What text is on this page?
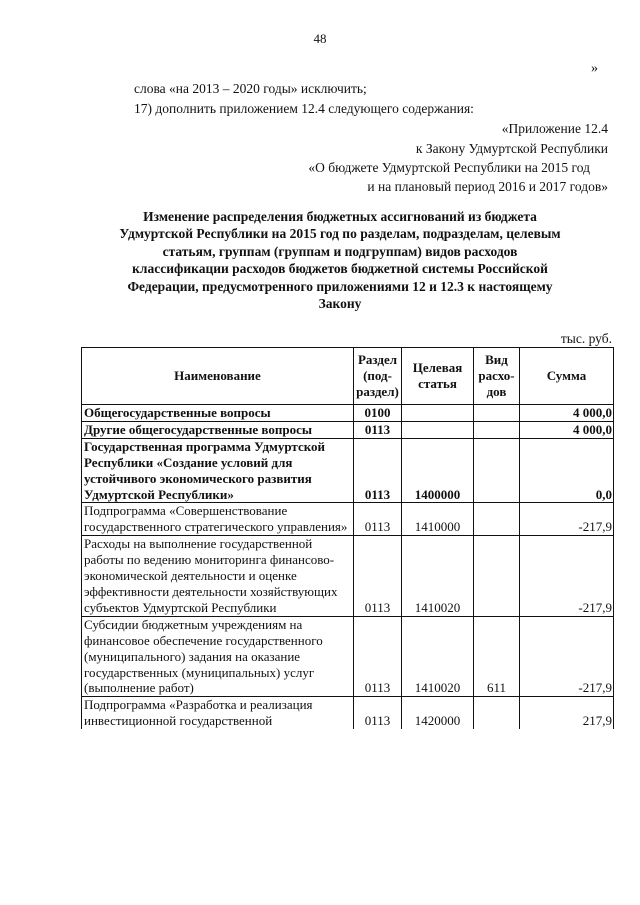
48
»
слова «на 2013 – 2020 годы» исключить;
17) дополнить приложением 12.4 следующего содержания:
«Приложение 12.4
к Закону Удмуртской Республики
«О бюджете Удмуртской Республики на 2015 год
и на плановый период 2016 и 2017 годов»
Изменение распределения бюджетных ассигнований из бюджета
Удмуртской Республики на 2015 год по разделам, подразделам, целевым
статьям, группам (группам и подгруппам) видов расходов
классификации расходов бюджетов бюджетной системы Российской
Федерации, предусмотренного приложениями 12 и 12.3 к настоящему
Закону
тыс. руб.
Наименование	Раздел (под-раздел)	Целевая статья	Вид расхо-дов	Сумма
Общегосударственные вопросы	0100			4 000,0
Другие общегосударственные вопросы	0113			4 000,0
Государственная программа Удмуртской Республики «Создание условий для устойчивого экономического развития Удмуртской Республики»	0113	1400000		0,0
Подпрограмма «Совершенствование государственного стратегического управления»	0113	1410000		-217,9
Расходы на выполнение государственной работы по ведению мониторинга финансово-экономической деятельности и оценке эффективности деятельности хозяйствующих субъектов Удмуртской Республики	0113	1410020		-217,9
Субсидии бюджетным учреждениям на финансовое обеспечение государственного (муниципального) задания на оказание государственных (муниципальных) услуг (выполнение работ)	0113	1410020	611	-217,9
Подпрограмма «Разработка и реализация инвестиционной государственной	0113	1420000		217,9
